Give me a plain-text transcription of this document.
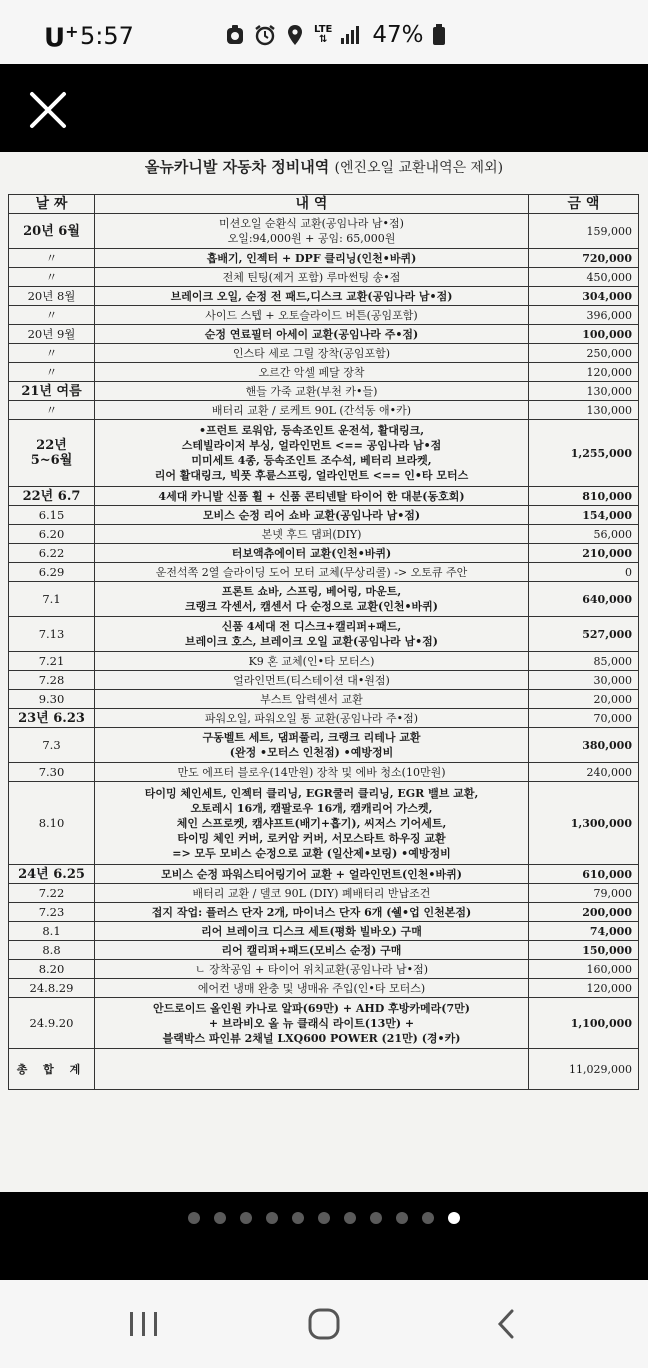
U+ 5:57	LTE
⇅ 47%
올뉴카니발 자동차 정비내역 (엔진오일 교환내역은 제외)
날 짜	내 역	금 액
20년 6월	미션오일 순환식 교환(공임나라 남•점)
오일:94,000원 + 공임: 65,000원	159,000
〃	흡배기, 인젝터 + DPF 클리닝(인천•바퀴)	720,000
〃	전체 틴팅(제거 포함) 루마썬팅 송•점	450,000
20년 8월	브레이크 오일, 순정 전 패드,디스크 교환(공임나라 남•점)	304,000
〃	사이드 스텝 + 오토슬라이드 버튼(공임포함)	396,000
20년 9월	순정 연료필터 아세이 교환(공임나라 주•점)	100,000
〃	인스타 세로 그릴 장착(공임포함)	250,000
〃	오르간 악셀 페달 장착	120,000
21년 여름	핸들 가죽 교환(부천 카•들)	130,000
〃	배터리 교환 / 로케트 90L (간석동 애•카)	130,000
22년
5~6월	•프런트 로워암, 등속조인트 운전석, 활대링크,
스테빌라이저 부싱, 얼라인먼트 <== 공임나라 남•점
미미세트 4종, 등속조인트 조수석, 베터리 브라켓,
리어 활대링크, 빅풋 후륜스프링, 얼라인먼트 <== 인•타 모터스	1,255,000
22년 6.7	4세대 카니발 신품 휠 + 신품 콘티넨탈 타이어 한 대분(동호회)	810,000
6.15	모비스 순정 리어 쇼바 교환(공임나라 남•점)	154,000
6.20	본넷 후드 댐퍼(DIY)	56,000
6.22	터보액츄에이터 교환(인천•바퀴)	210,000
6.29	운전석쪽 2열 슬라이딩 도어 모터 교체(무상리콜) -> 오토큐 주안	0
7.1	프론트 쇼바, 스프링, 베어링, 마운트,
크랭크 각센서, 캠센서 다 순정으로 교환(인천•바퀴)	640,000
7.13	신품 4세대 전 디스크+캘리퍼+패드,
브레이크 호스, 브레이크 오일 교환(공임나라 남•점)	527,000
7.21	K9 혼 교체(인•타 모터스)	85,000
7.28	얼라인먼트(티스테이션 대•원점)	30,000
9.30	부스트 압력센서 교환	20,000
23년 6.23	파워오일, 파워오일 통 교환(공임나라 주•점)	70,000
7.3	구동벨트 세트, 댐퍼풀리, 크랭크 리테나 교환
(완정 •모터스 인천점) •예방정비	380,000
7.30	만도 에프터 블로우(14만원) 장착 및 에바 청소(10만원)	240,000
8.10	타이밍 체인세트, 인젝터 클리닝, EGR쿨러 클리닝, EGR 밸브 교환,
오토레시 16개, 캠팔로우 16개, 캠캐리어 가스켓,
체인 스프로켓, 캠샤프트(배기+흡기), 씨저스 기어세트,
타이밍 체인 커버, 로커암 커버, 서모스타트 하우징 교환
=> 모두 모비스 순정으로 교환 (일산제•보링) •예방정비	1,300,000
24년 6.25	모비스 순정 파워스티어링기어 교환 + 얼라인먼트(인천•바퀴)	610,000
7.22	배터리 교환 / 델코 90L (DIY) 폐배터리 반납조건	79,000
7.23	접지 작업: 플러스 단자 2개, 마이너스 단자 6개 (쉘•업 인천본점)	200,000
8.1	리어 브레이크 디스크 세트(평화 빌바오) 구매	74,000
8.8	리어 캘리퍼+패드(모비스 순정) 구매	150,000
8.20	ㄴ 장착공임 + 타이어 위치교환(공임나라 남•점)	160,000
24.8.29	에어컨 냉매 완충 및 냉매유 주입(인•타 모터스)	120,000
24.9.20	안드로이드 올인원 카나로 알파(69만) + AHD 후방카메라(7만)
+ 브라비오 올 뉴 클래식 라이트(13만) +
블랙박스 파인뷰 2채널 LXQ600 POWER (21만) (경•카)	1,100,000
총 합 계		11,029,000
